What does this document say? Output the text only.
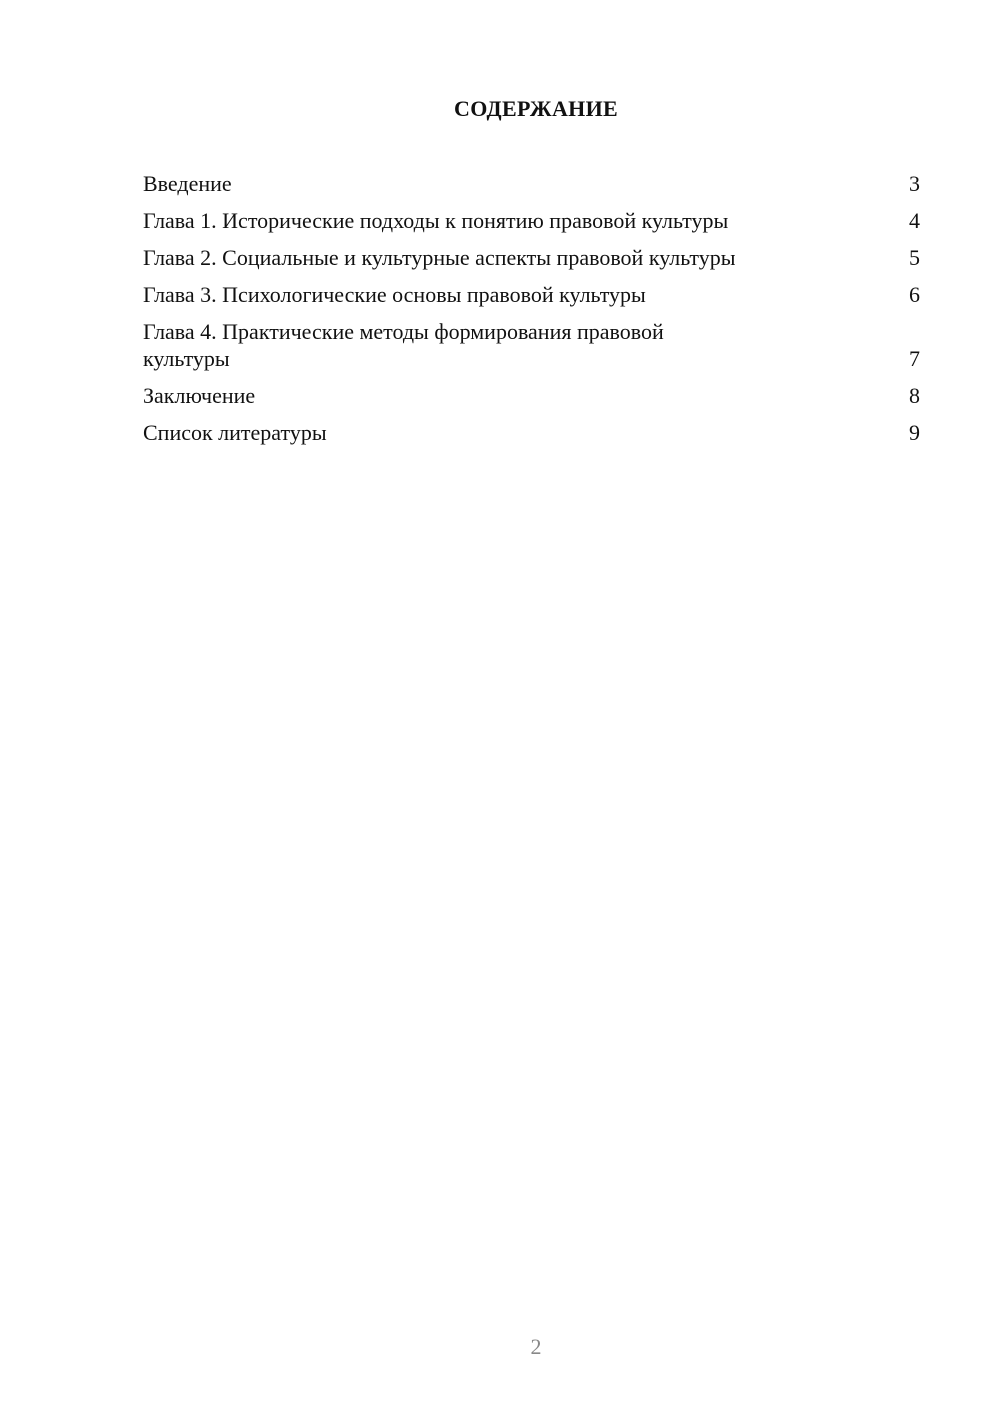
СОДЕРЖАНИЕ
Введение	3
Глава 1. Исторические подходы к понятию правовой культуры	4
Глава 2. Социальные и культурные аспекты правовой культуры	5
Глава 3. Психологические основы правовой культуры	6
Глава 4. Практические методы формирования правовой культуры	7
Заключение	8
Список литературы	9
2
